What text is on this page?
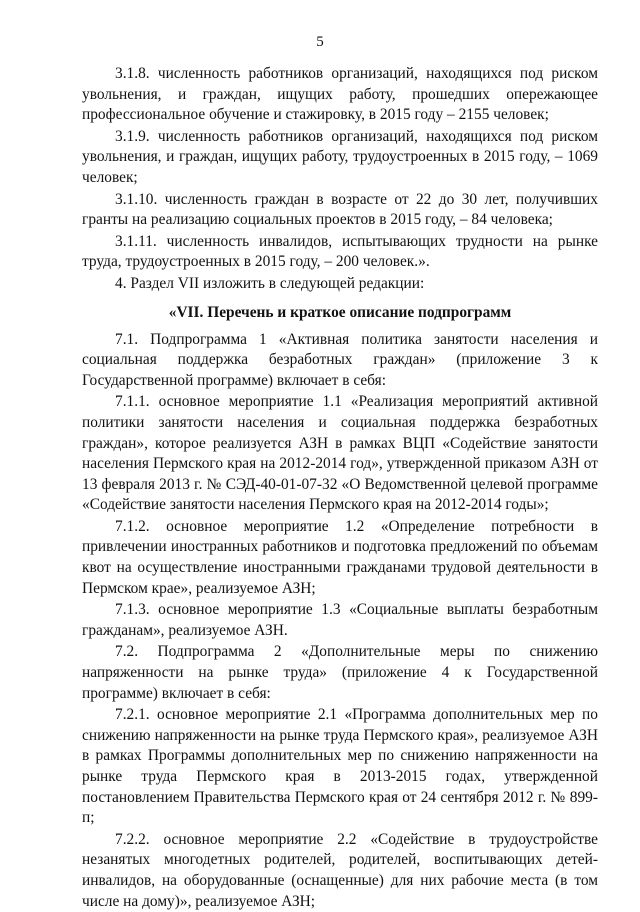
5

3.1.8. численность работников организаций, находящихся под риском увольнения, и граждан, ищущих работу, прошедших опережающее профессиональное обучение и стажировку, в 2015 году – 2155 человек;

3.1.9. численность работников организаций, находящихся под риском увольнения, и граждан, ищущих работу, трудоустроенных в 2015 году, – 1069 человек;

3.1.10. численность граждан в возрасте от 22 до 30 лет, получивших гранты на реализацию социальных проектов в 2015 году, – 84 человека;

3.1.11. численность инвалидов, испытывающих трудности на рынке труда, трудоустроенных в 2015 году, – 200 человек.».

4. Раздел VII изложить в следующей редакции:

«VII. Перечень и краткое описание подпрограмм

7.1. Подпрограмма 1 «Активная политика занятости населения и социальная поддержка безработных граждан» (приложение 3 к Государственной программе) включает в себя:

7.1.1. основное мероприятие 1.1 «Реализация мероприятий активной политики занятости населения и социальная поддержка безработных граждан», которое реализуется АЗН в рамках ВЦП «Содействие занятости населения Пермского края на 2012-2014 год», утвержденной приказом АЗН от 13 февраля 2013 г. № СЭД-40-01-07-32 «О Ведомственной целевой программе «Содействие занятости населения Пермского края на 2012-2014 годы»;

7.1.2. основное мероприятие 1.2 «Определение потребности в привлечении иностранных работников и подготовка предложений по объемам квот на осуществление иностранными гражданами трудовой деятельности в Пермском крае», реализуемое АЗН;

7.1.3. основное мероприятие 1.3 «Социальные выплаты безработным гражданам», реализуемое АЗН.

7.2. Подпрограмма 2 «Дополнительные меры по снижению напряженности на рынке труда» (приложение 4 к Государственной программе) включает в себя:

7.2.1. основное мероприятие 2.1 «Программа дополнительных мер по снижению напряженности на рынке труда Пермского края», реализуемое АЗН в рамках Программы дополнительных мер по снижению напряженности на рынке труда Пермского края в 2013-2015 годах, утвержденной постановлением Правительства Пермского края от 24 сентября 2012 г. № 899-п;

7.2.2. основное мероприятие 2.2 «Содействие в трудоустройстве незанятых многодетных родителей, родителей, воспитывающих детей-инвалидов, на оборудованные (оснащенные) для них рабочие места (в том числе на дому)», реализуемое АЗН;
